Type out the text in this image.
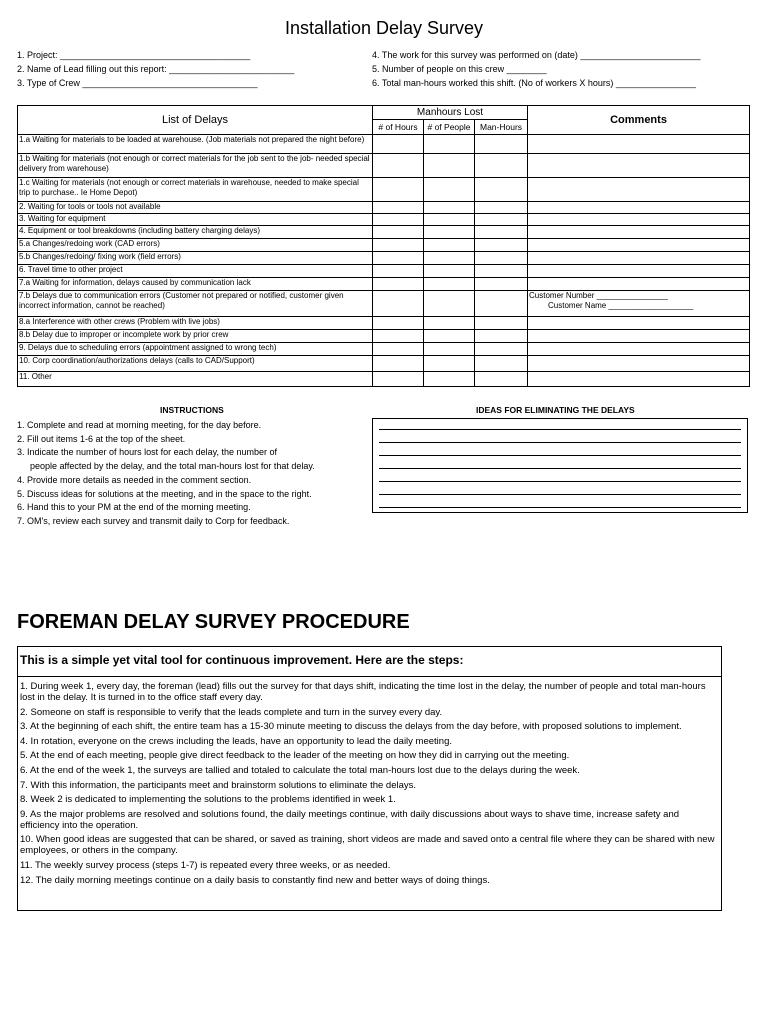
Installation Delay Survey
1. Project: ______________________________________
2. Name of Lead filling out this report: _________________________
3. Type of Crew ___________________________________
4. The work for this survey was performed on (date) ________________________
5. Number of people on this crew ________
6. Total man-hours worked this shift. (No of workers X hours) ________________
List of Delays	Manhours Lost			Comments
	# of Hours	# of People	Man-Hours	
1.a Waiting for materials to be loaded at warehouse. (Job materials not prepared the night before)				
1.b Waiting for materials (not enough or correct materials for the job sent to the job- needed special delivery from warehouse)				
1.c Waiting for materials (not enough or correct materials in warehouse, needed to make special trip to purchase.. Ie Home Depot)				
2. Waiting for tools or tools not available				
3. Waiting for equipment				
4. Equipment or tool breakdowns (including battery charging delays)				
5.a Changes/redoing work (CAD errors)				
5.b Changes/redoing/ fixing work (field errors)				
6. Travel time to other project				
7.a Waiting for information, delays caused by communication lack				
7.b Delays due to communication errors (Customer not prepared or notified, customer given incorrect information, cannot be reached)				Customer Number ________________
Customer Name ___________________

8.a Interference with other crews (Problem with live jobs)				
8.b Delay due to improper or incomplete work by prior crew				
9. Delays due to scheduling errors (appointment assigned to wrong tech)				
10. Corp coordination/authorizations delays (calls to CAD/Support)				
11. Other				
INSTRUCTIONS	IDEAS FOR ELIMINATING THE DELAYS
1. Complete and read at morning meeting, for the day before.
2. Fill out items 1-6 at the top of the sheet.
3. Indicate the number of hours lost for each delay, the number of
people affected by the delay, and the total man-hours lost for that delay.
4. Provide more details as needed in the comment section.
5. Discuss ideas for solutions at the meeting, and in the space to the right.
6. Hand this to your PM at the end of the morning meeting.
7. OM's, review each survey and transmit daily to Corp for feedback.
FOREMAN DELAY SURVEY PROCEDURE
This is a simple yet vital tool for continuous improvement. Here are the steps:
1. During week 1, every day, the foreman (lead) fills out the survey for that days shift, indicating the time lost in the delay, the number of people and total man-hours lost in the delay. It is turned in to the office staff every day.
2. Someone on staff is responsible to verify that the leads complete and turn in the survey every day.
3. At the beginning of each shift, the entire team has a 15-30 minute meeting to discuss the delays from the day before, with proposed solutions to implement.
4. In rotation, everyone on the crews including the leads, have an opportunity to lead the daily meeting.
5. At the end of each meeting, people give direct feedback to the leader of the meeting on how they did in carrying out the meeting.
6. At the end of the week 1, the surveys are tallied and totaled to calculate the total man-hours lost due to the delays during the week.
7. With this information, the participants meet and brainstorm solutions to eliminate the delays.
8. Week 2 is dedicated to implementing the solutions to the problems identified in week 1.
9. As the major problems are resolved and solutions found, the daily meetings continue, with daily discussions about ways to shave time, increase safety and efficiency into the operation.
10. When good ideas are suggested that can be shared, or saved as training, short videos are made and saved onto a central file where they can be shared with new employees, or others in the company.
11. The weekly survey process (steps 1-7) is repeated every three weeks, or as needed.
12. The daily morning meetings continue on a daily basis to constantly find new and better ways of doing things.
